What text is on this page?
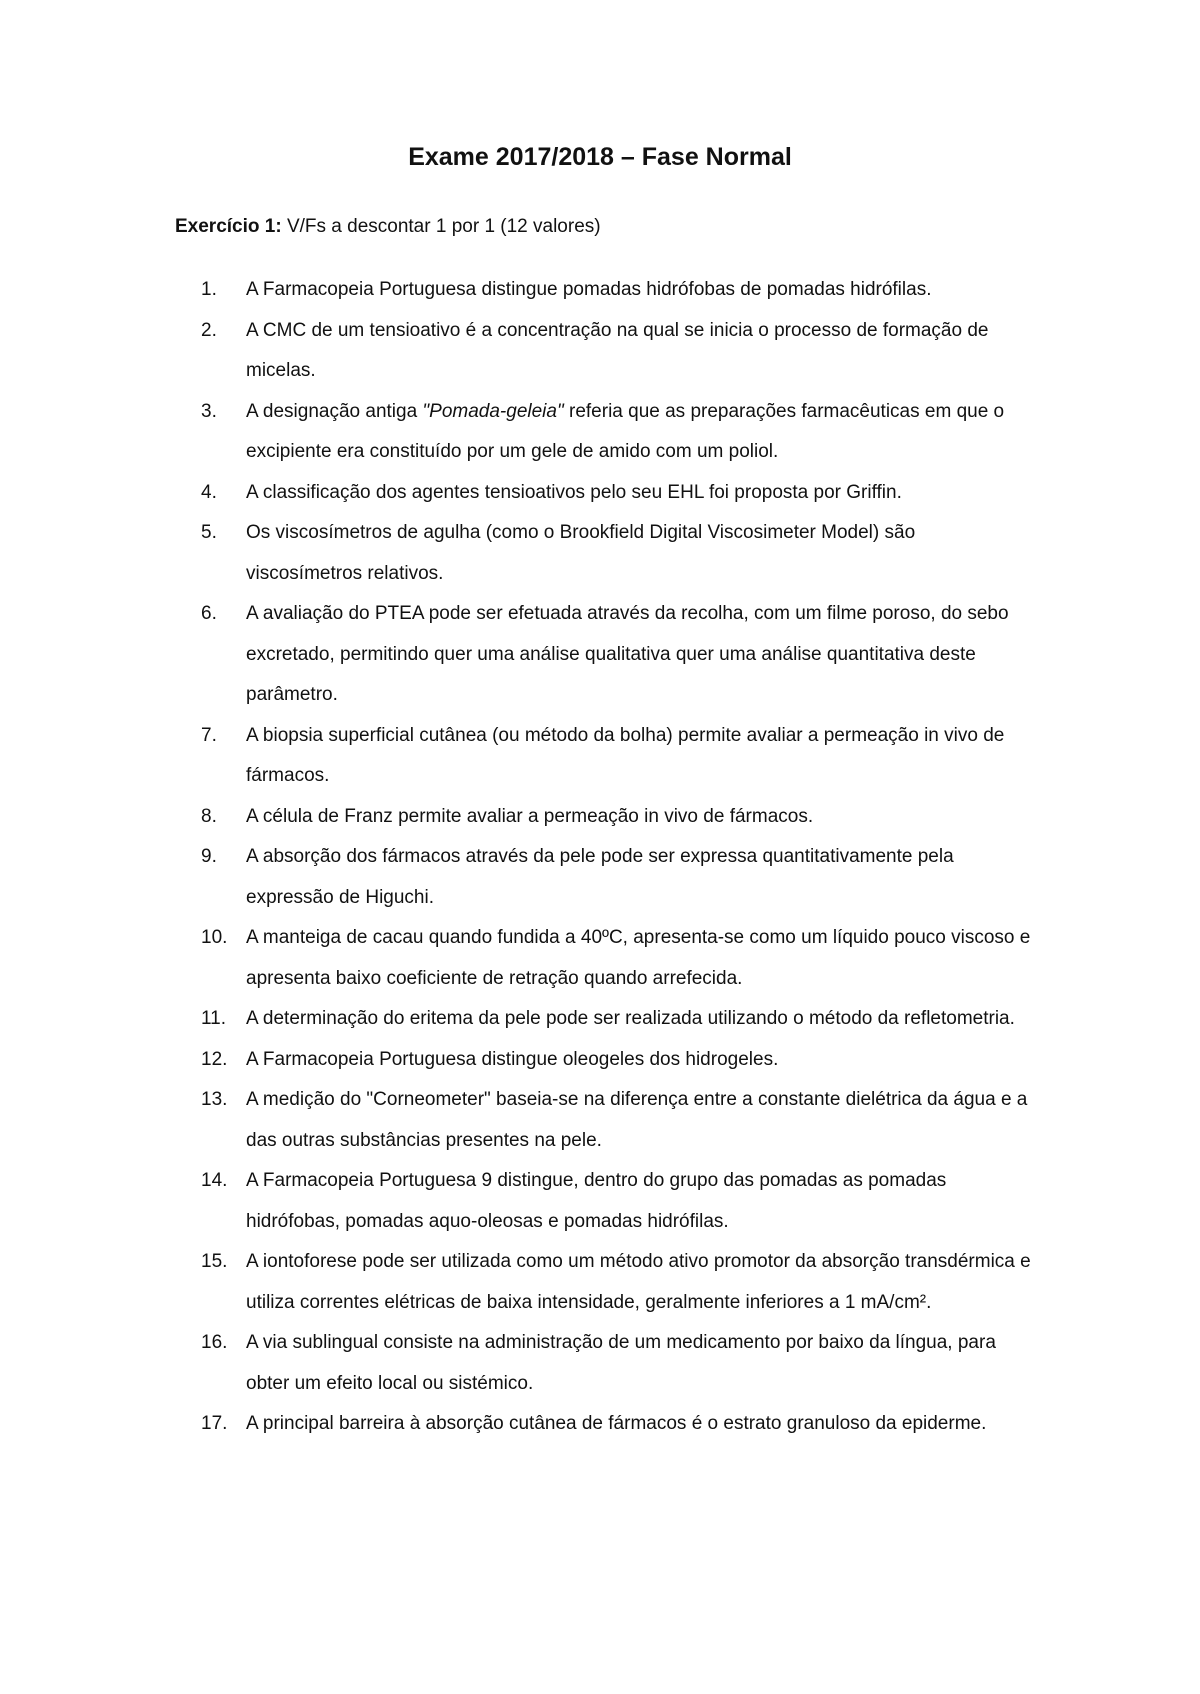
Exame 2017/2018 – Fase Normal
Exercício 1: V/Fs a descontar 1 por 1 (12 valores)
1.	A Farmacopeia Portuguesa distingue pomadas hidrófobas de pomadas hidrófilas.
2.	A CMC de um tensioativo é a concentração na qual se inicia o processo de formação de micelas.
3.	A designação antiga "Pomada-geleia" referia que as preparações farmacêuticas em que o excipiente era constituído por um gele de amido com um poliol.
4.	A classificação dos agentes tensioativos pelo seu EHL foi proposta por Griffin.
5.	Os viscosímetros de agulha (como o Brookfield Digital Viscosimeter Model) são viscosímetros relativos.
6.	A avaliação do PTEA pode ser efetuada através da recolha, com um filme poroso, do sebo excretado, permitindo quer uma análise qualitativa quer uma análise quantitativa deste parâmetro.
7.	A biopsia superficial cutânea (ou método da bolha) permite avaliar a permeação in vivo de fármacos.
8.	A célula de Franz permite avaliar a permeação in vivo de fármacos.
9.	A absorção dos fármacos através da pele pode ser expressa quantitativamente pela expressão de Higuchi.
10. A manteiga de cacau quando fundida a 40ºC, apresenta-se como um líquido pouco viscoso e apresenta baixo coeficiente de retração quando arrefecida.
11.	A determinação do eritema da pele pode ser realizada utilizando o método da refletometria.
12. A Farmacopeia Portuguesa distingue oleogeles dos hidrogeles.
13. A medição do "Corneometer" baseia-se na diferença entre a constante dielétrica da água e a das outras substâncias presentes na pele.
14. A Farmacopeia Portuguesa 9 distingue, dentro do grupo das pomadas as pomadas hidrófobas, pomadas aquo-oleosas e pomadas hidrófilas.
15. A iontoforese pode ser utilizada como um método ativo promotor da absorção transdérmica e utiliza correntes elétricas de baixa intensidade, geralmente inferiores a 1 mA/cm².
16. A via sublingual consiste na administração de um medicamento por baixo da língua, para obter um efeito local ou sistémico.
17. A principal barreira à absorção cutânea de fármacos é o estrato granuloso da epiderme.
